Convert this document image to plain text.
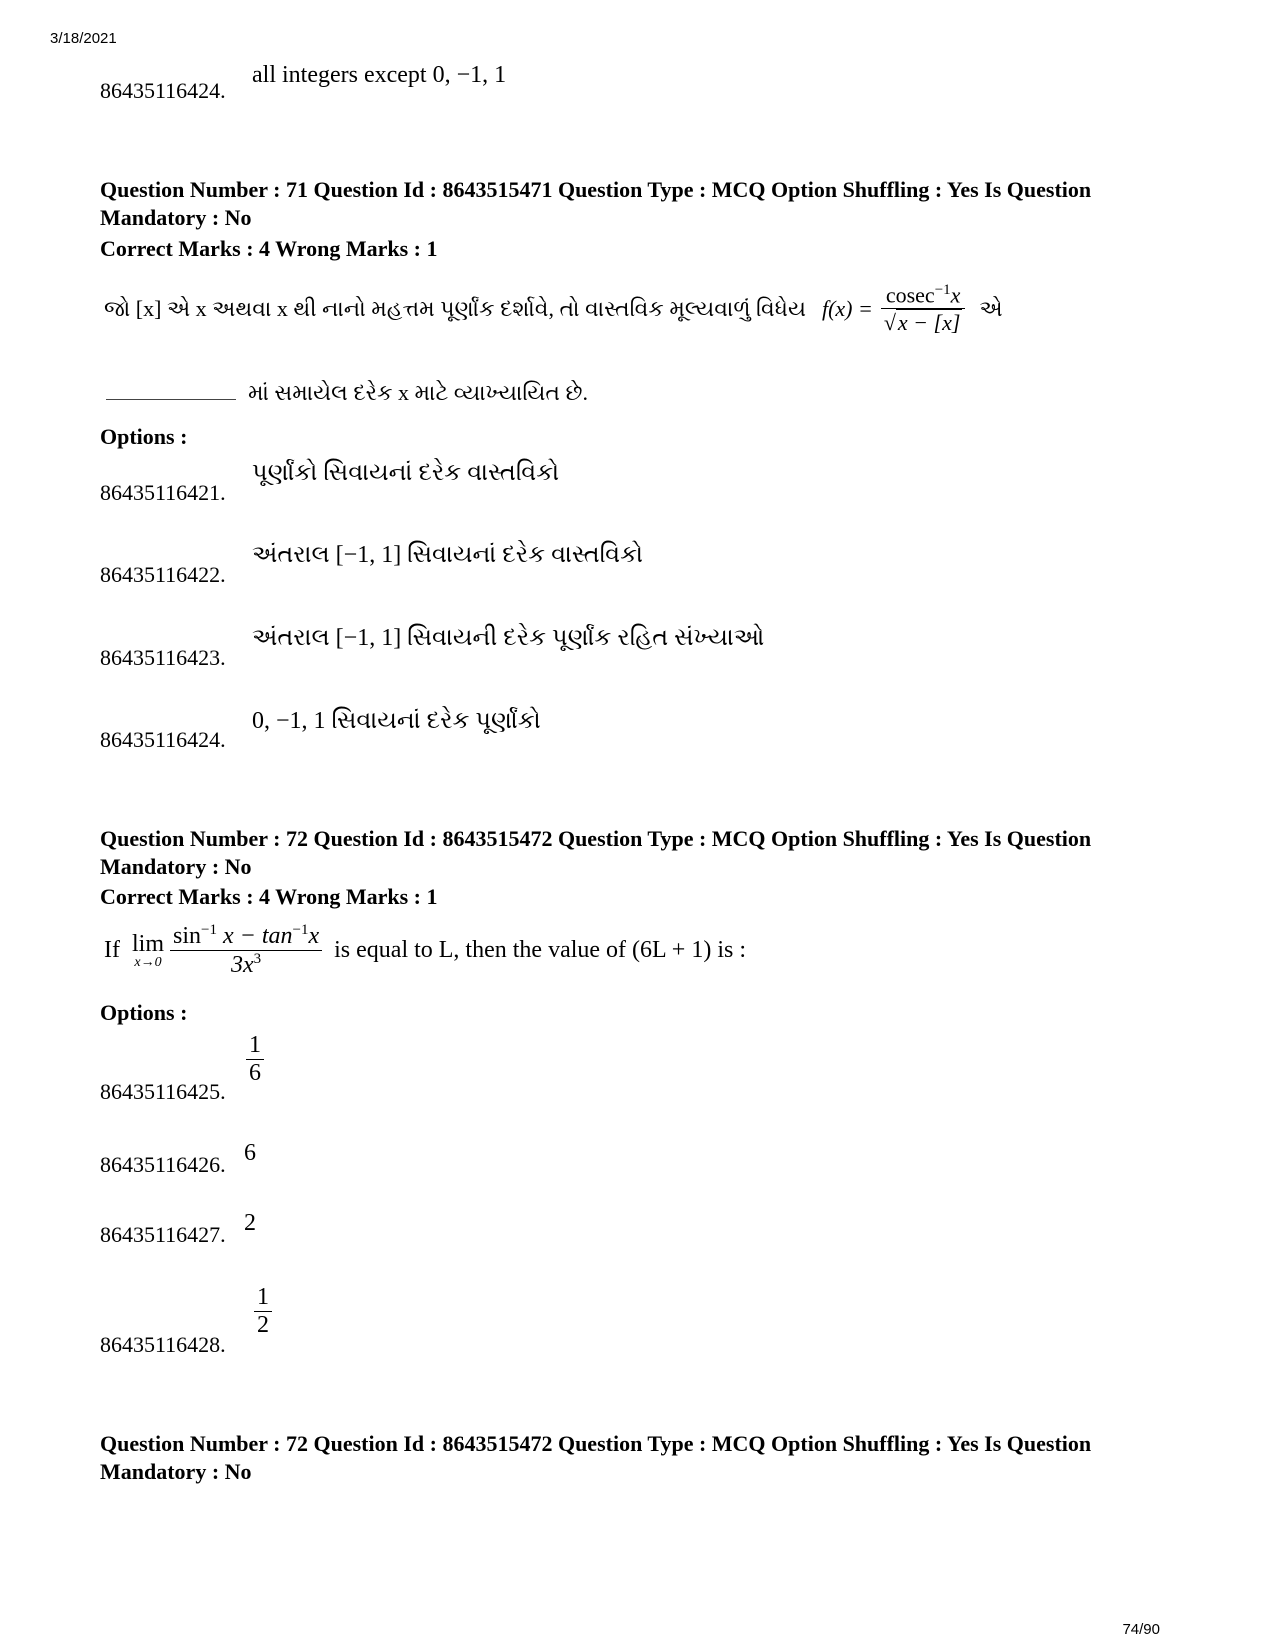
3/18/2021
86435116424.
all integers except 0, −1, 1
Question Number : 71 Question Id : 8643515471 Question Type : MCQ Option Shuffling : Yes Is Question Mandatory : No
Correct Marks : 4 Wrong Marks : 1
જો [x] એ x અથવા x થી નાનો મહત્તમ પૂર્ણાંક દર્શાવે, તો વાસ્તવિક મૂલ્યવાળું વિધેય $f(x) = \frac{cosec^{-1}x}{√x - [x]}$ એ
માં સમાયેલ દરેક x માટે વ્યાખ્યાયિત છે.
Options :
86435116421.
પૂર્ણાંકો સિવાયનાં દરેક વાસ્તવિકો
86435116422.
અંતરાલ [−1, 1] સિવાયનાં દરેક વાસ્તવિકો
86435116423.
અંતરાલ [−1, 1] સિવાયની દરેક પૂર્ણાંક રહિત સંખ્યાઓ
86435116424.
0, −1, 1 સિવાયનાં દરેક પૂર્ણાંકો
Question Number : 72 Question Id : 8643515472 Question Type : MCQ Option Shuffling : Yes Is Question Mandatory : No
Correct Marks : 4 Wrong Marks : 1
If lim
$x\to 0 \frac{\sin^{-1} x - \tan^{-1}x}{3x^3}$ is equal to L, then the value of (6L + 1) is :
Options :
86435116425.
1
6
86435116426. 6
86435116427. 2
86435116428.
1
2
Question Number : 72 Question Id : 8643515472 Question Type : MCQ Option Shuffling : Yes Is Question Mandatory : No
74/90
